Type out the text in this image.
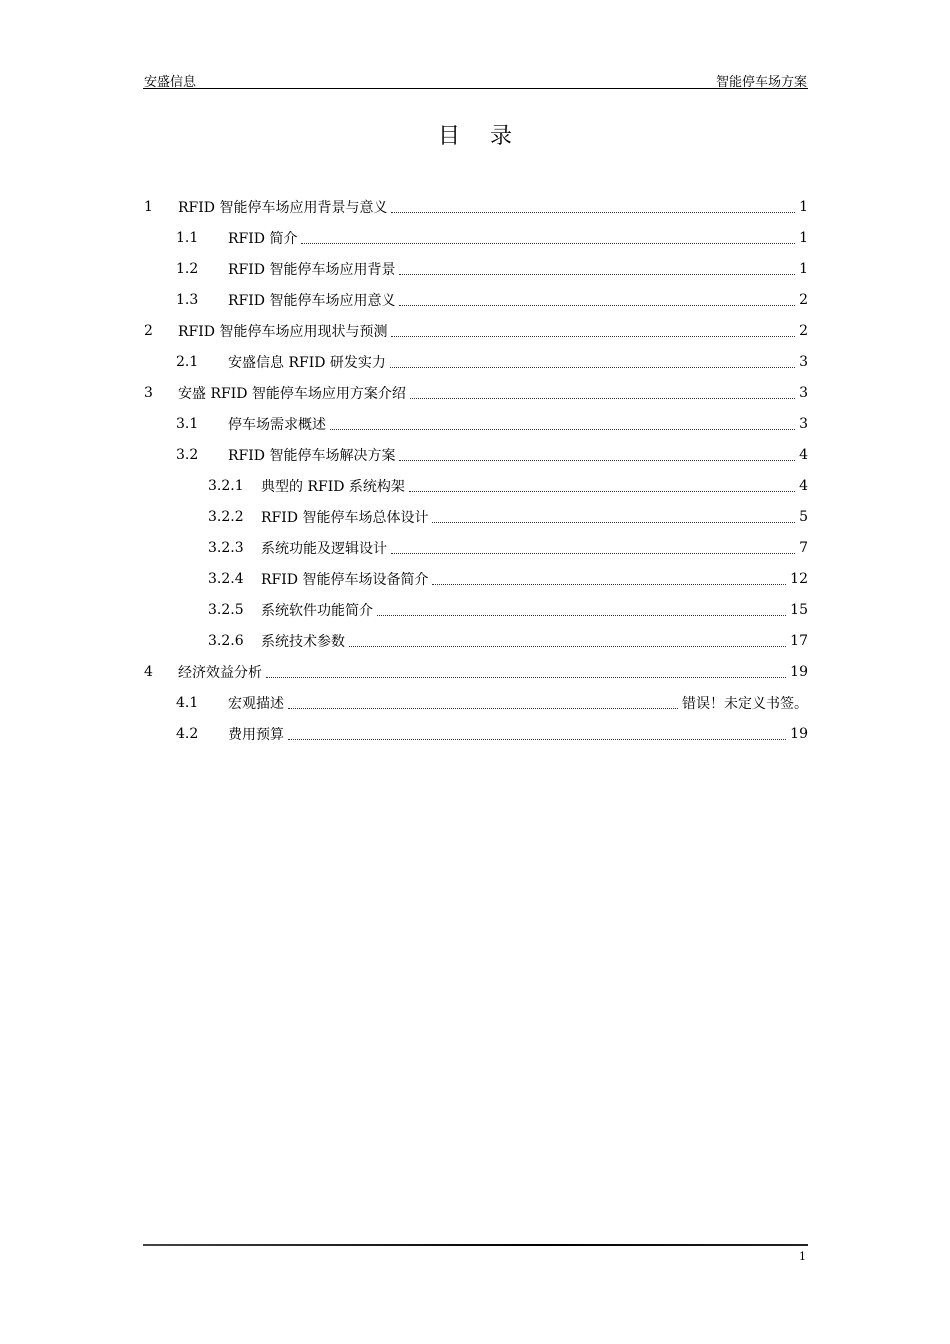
安盛信息	智能停车场方案
目录
1	RFID 智能停车场应用背景与意义	1
1.1	RFID 简介	1
1.2	RFID 智能停车场应用背景	1
1.3	RFID 智能停车场应用意义	2
2	RFID 智能停车场应用现状与预测	2
2.1	安盛信息 RFID 研发实力	3
3	安盛 RFID 智能停车场应用方案介绍	3
3.1	停车场需求概述	3
3.2	RFID 智能停车场解决方案	4
3.2.1	典型的 RFID 系统构架	4
3.2.2	RFID 智能停车场总体设计	5
3.2.3	系统功能及逻辑设计	7
3.2.4	RFID 智能停车场设备简介	12
3.2.5	系统软件功能简介	15
3.2.6	系统技术参数	17
4	经济效益分析	19
4.1	宏观描述	错误！未定义书签。
4.2	费用预算	19
1
